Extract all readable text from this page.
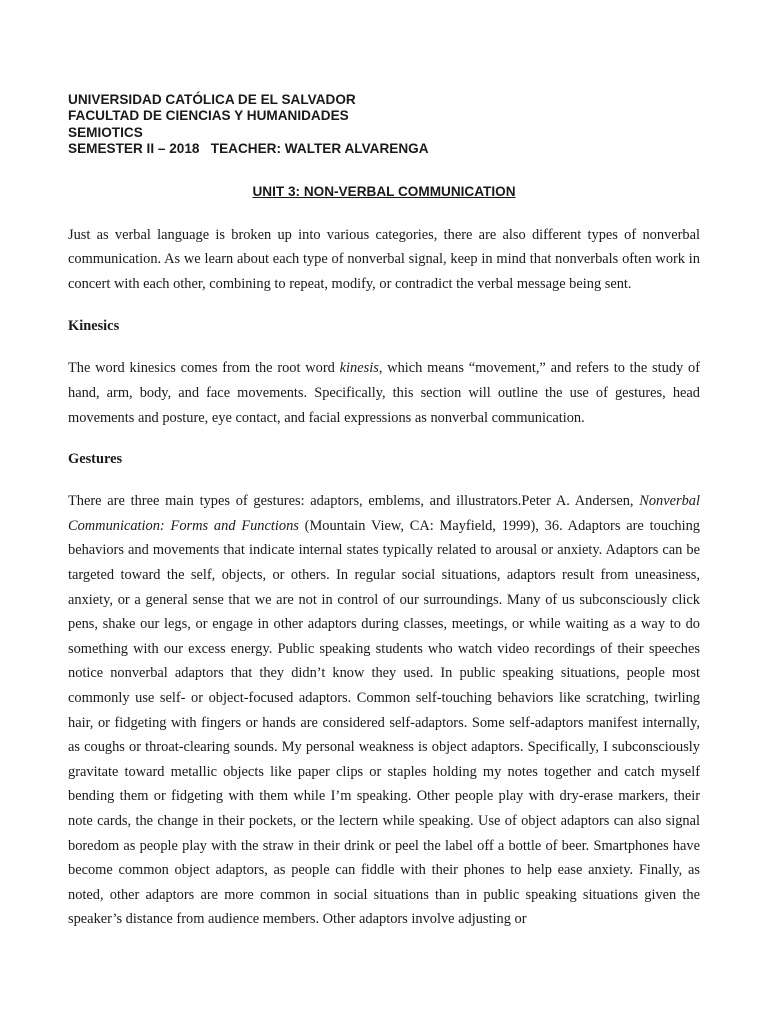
UNIVERSIDAD CATÓLICA DE EL SALVADOR
FACULTAD DE CIENCIAS Y HUMANIDADES
SEMIOTICS
SEMESTER II – 2018   TEACHER: WALTER ALVARENGA
UNIT 3: NON-VERBAL COMMUNICATION

Just as verbal language is broken up into various categories, there are also different types of nonverbal communication. As we learn about each type of nonverbal signal, keep in mind that nonverbals often work in concert with each other, combining to repeat, modify, or contradict the verbal message being sent.

Kinesics

The word kinesics comes from the root word kinesis, which means “movement,” and refers to the study of hand, arm, body, and face movements. Specifically, this section will outline the use of gestures, head movements and posture, eye contact, and facial expressions as nonverbal communication.

Gestures

There are three main types of gestures: adaptors, emblems, and illustrators.Peter A. Andersen, Nonverbal Communication: Forms and Functions (Mountain View, CA: Mayfield, 1999), 36. Adaptors are touching behaviors and movements that indicate internal states typically related to arousal or anxiety. Adaptors can be targeted toward the self, objects, or others. In regular social situations, adaptors result from uneasiness, anxiety, or a general sense that we are not in control of our surroundings. Many of us subconsciously click pens, shake our legs, or engage in other adaptors during classes, meetings, or while waiting as a way to do something with our excess energy. Public speaking students who watch video recordings of their speeches notice nonverbal adaptors that they didn’t know they used. In public speaking situations, people most commonly use self- or object-focused adaptors. Common self-touching behaviors like scratching, twirling hair, or fidgeting with fingers or hands are considered self-adaptors. Some self-adaptors manifest internally, as coughs or throat-clearing sounds. My personal weakness is object adaptors. Specifically, I subconsciously gravitate toward metallic objects like paper clips or staples holding my notes together and catch myself bending them or fidgeting with them while I’m speaking. Other people play with dry-erase markers, their note cards, the change in their pockets, or the lectern while speaking. Use of object adaptors can also signal boredom as people play with the straw in their drink or peel the label off a bottle of beer. Smartphones have become common object adaptors, as people can fiddle with their phones to help ease anxiety. Finally, as noted, other adaptors are more common in social situations than in public speaking situations given the speaker’s distance from audience members. Other adaptors involve adjusting or
